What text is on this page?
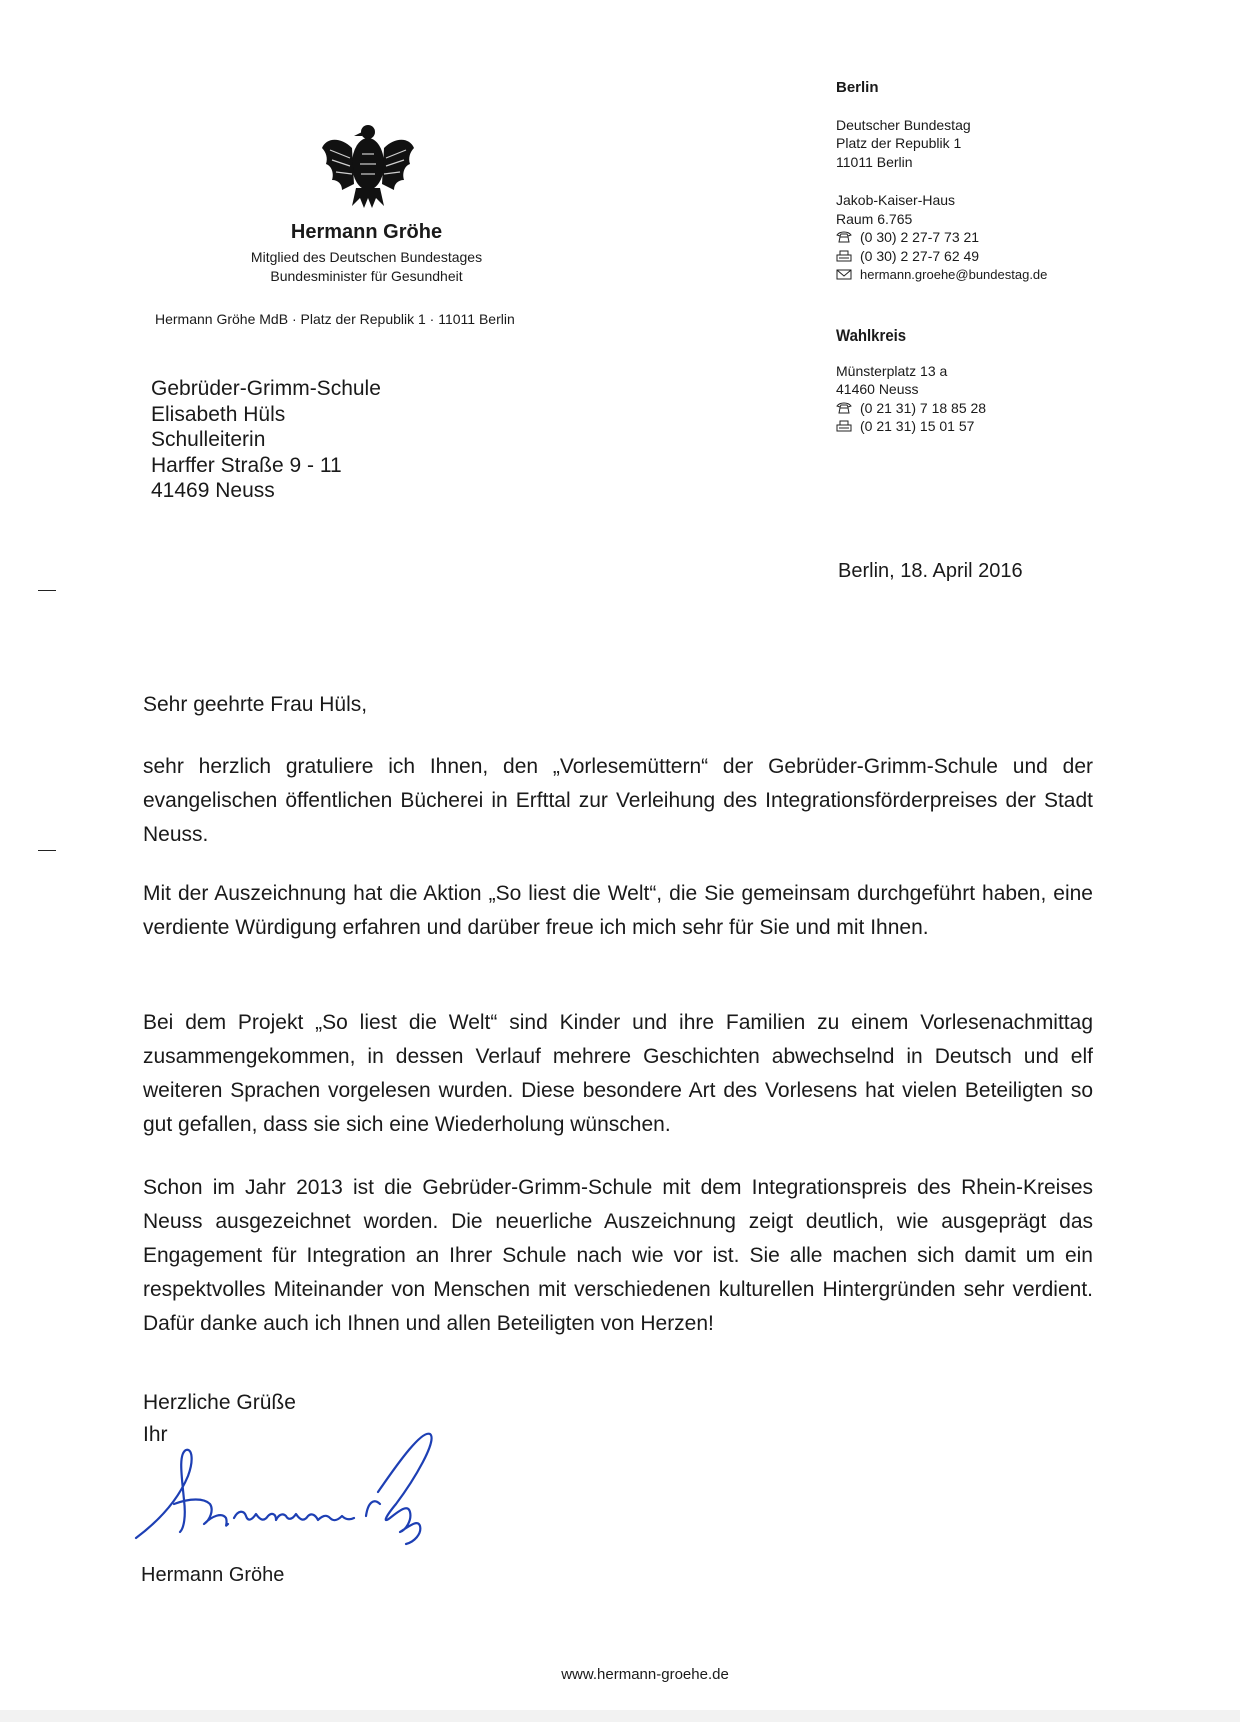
Hermann Gröhe
Mitglied des Deutschen Bundestages
Bundesminister für Gesundheit
Hermann Gröhe MdB · Platz der Republik 1 · 11011 Berlin
Gebrüder-Grimm-Schule
Elisabeth Hüls
Schulleiterin
Harffer Straße 9 - 11
41469 Neuss
Berlin
Deutscher Bundestag
Platz der Republik 1
11011 Berlin
Jakob-Kaiser-Haus
Raum 6.765
(0 30) 2 27-7 73 21
(0 30) 2 27-7 62 49
hermann.groehe@bundestag.de
Wahlkreis
Münsterplatz 13 a
41460 Neuss
(0 21 31) 7 18 85 28
(0 21 31) 15 01 57
Berlin, 18. April 2016
Sehr geehrte Frau Hüls,

sehr herzlich gratuliere ich Ihnen, den „Vorlesemüttern“ der Gebrüder-Grimm-Schule und der evangelischen öffentlichen Bücherei in Erfttal zur Verleihung des Integrationsförderpreises der Stadt Neuss.

Mit der Auszeichnung hat die Aktion „So liest die Welt“, die Sie gemeinsam durchgeführt haben, eine verdiente Würdigung erfahren und darüber freue ich mich sehr für Sie und mit Ihnen.

Bei dem Projekt „So liest die Welt“ sind Kinder und ihre Familien zu einem Vorlesenachmittag zusammengekommen, in dessen Verlauf mehrere Geschichten abwechselnd in Deutsch und elf weiteren Sprachen vorgelesen wurden. Diese besondere Art des Vorlesens hat vielen Beteiligten so gut gefallen, dass sie sich eine Wiederholung wünschen.

Schon im Jahr 2013 ist die Gebrüder-Grimm-Schule mit dem Integrationspreis des Rhein-Kreises Neuss ausgezeichnet worden. Die neuerliche Auszeichnung zeigt deutlich, wie ausgeprägt das Engagement für Integration an Ihrer Schule nach wie vor ist. Sie alle machen sich damit um ein respektvolles Miteinander von Menschen mit verschiedenen kulturellen Hintergründen sehr verdient. Dafür danke auch ich Ihnen und allen Beteiligten von Herzen!

Herzliche Grüße
Ihr
Hermann Gröhe
www.hermann-groehe.de
